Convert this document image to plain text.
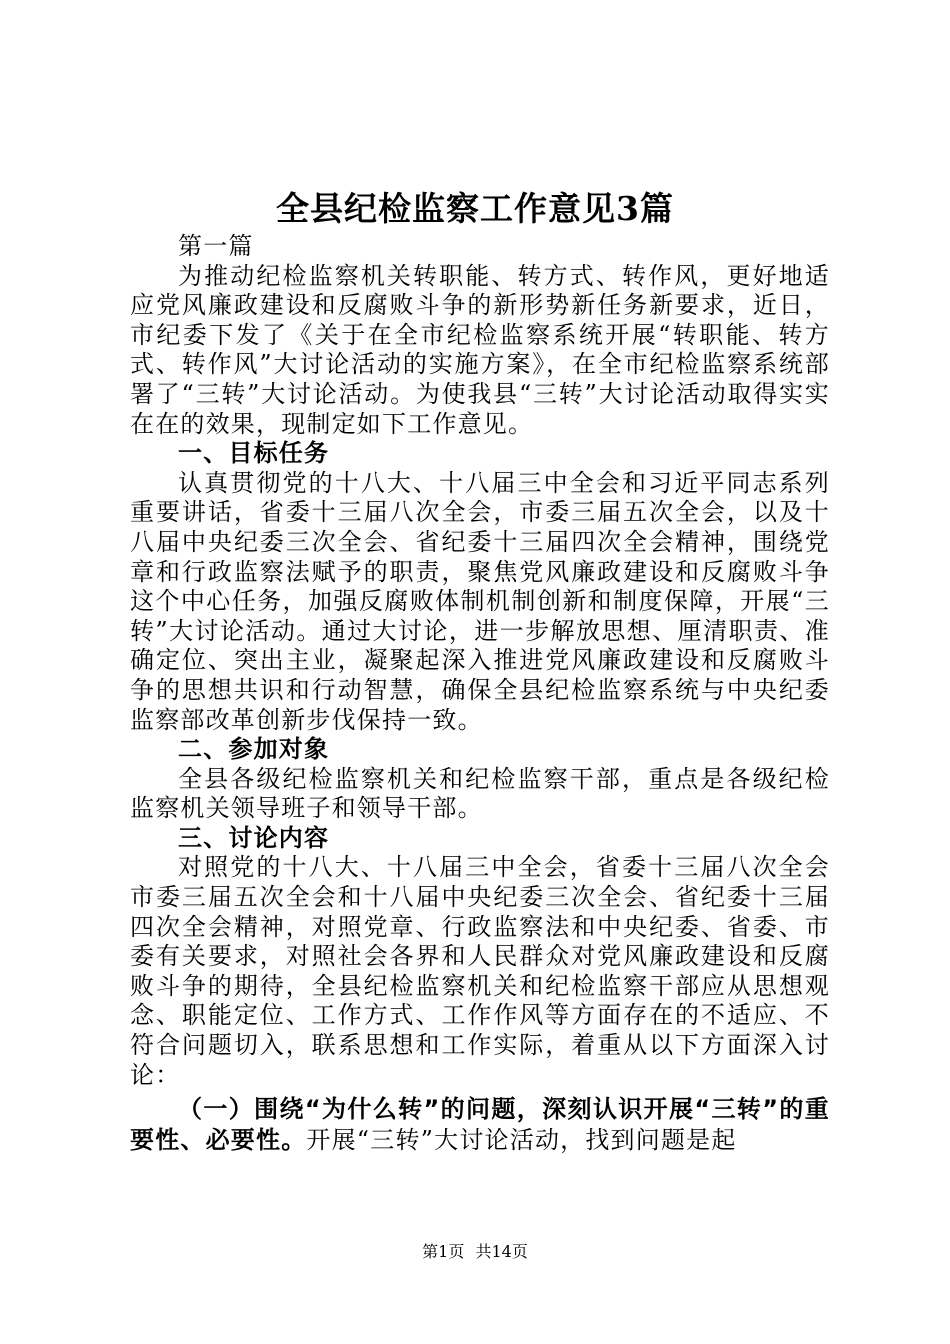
全县纪检监察工作意见3篇

第一篇

为推动纪检监察机关转职能、转方式、转作风，更好地适应党风廉政建设和反腐败斗争的新形势新任务新要求，近日，市纪委下发了《关于在全市纪检监察系统开展“转职能、转方式、转作风”大讨论活动的实施方案》，在全市纪检监察系统部署了“三转”大讨论活动。为使我县“三转”大讨论活动取得实实在在的效果，现制定如下工作意见。

一、目标任务

认真贯彻党的十八大、十八届三中全会和习近平同志系列重要讲话，省委十三届八次全会，市委三届五次全会，以及十八届中央纪委三次全会、省纪委十三届四次全会精神，围绕党章和行政监察法赋予的职责，聚焦党风廉政建设和反腐败斗争这个中心任务，加强反腐败体制机制创新和制度保障，开展“三转”大讨论活动。通过大讨论，进一步解放思想、厘清职责、准确定位、突出主业，凝聚起深入推进党风廉政建设和反腐败斗争的思想共识和行动智慧，确保全县纪检监察系统与中央纪委监察部改革创新步伐保持一致。

二、参加对象

全县各级纪检监察机关和纪检监察干部，重点是各级纪检监察机关领导班子和领导干部。

三、讨论内容

对照党的十八大、十八届三中全会，省委十三届八次全会市委三届五次全会和十八届中央纪委三次全会、省纪委十三届四次全会精神，对照党章、行政监察法和中央纪委、省委、市委有关要求，对照社会各界和人民群众对党风廉政建设和反腐败斗争的期待，全县纪检监察机关和纪检监察干部应从思想观念、职能定位、工作方式、工作作风等方面存在的不适应、不符合问题切入，联系思想和工作实际，着重从以下方面深入讨论：

（一）围绕“为什么转”的问题，深刻认识开展“三转”的重要性、必要性。开展“三转”大讨论活动，找到问题是起

第1页 共14页
